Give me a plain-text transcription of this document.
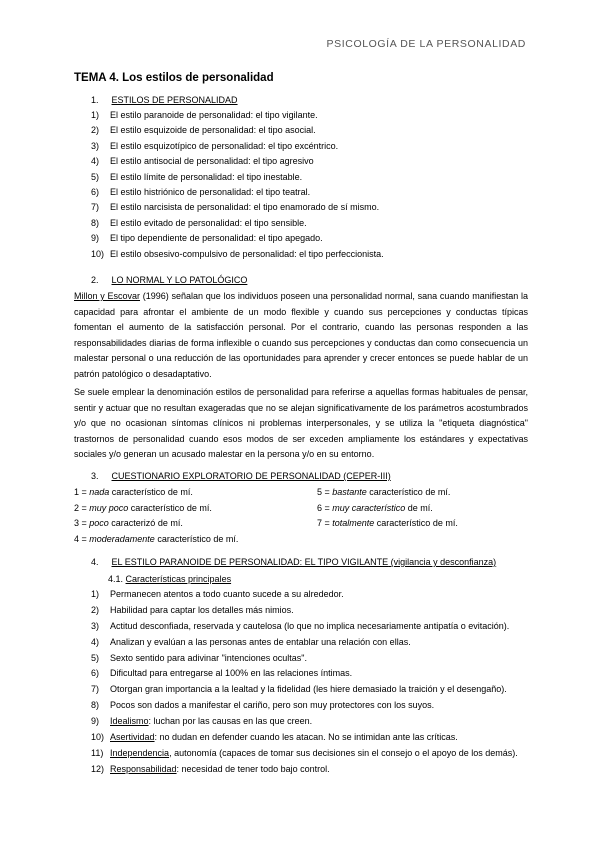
PSICOLOGÍA DE LA PERSONALIDAD
TEMA 4. Los estilos de personalidad
1. ESTILOS DE PERSONALIDAD
1) El estilo paranoide de personalidad: el tipo vigilante.
2) El estilo esquizoide de personalidad: el tipo asocial.
3) El estilo esquizotípico de personalidad: el tipo excéntrico.
4) El estilo antisocial de personalidad: el tipo agresivo
5) El estilo límite de personalidad: el tipo inestable.
6) El estilo histriónico de personalidad: el tipo teatral.
7) El estilo narcisista de personalidad: el tipo enamorado de sí mismo.
8) El estilo evitado de personalidad: el tipo sensible.
9) El tipo dependiente de personalidad: el tipo apegado.
10) El estilo obsesivo-compulsivo de personalidad: el tipo perfeccionista.
2. LO NORMAL Y LO PATOLÓGICO
Millon y Escovar (1996) señalan que los individuos poseen una personalidad normal, sana cuando manifiestan la capacidad para afrontar el ambiente de un modo flexible y cuando sus percepciones y conductas típicas fomentan el aumento de la satisfacción personal. Por el contrario, cuando las personas responden a las responsabilidades diarias de forma inflexible o cuando sus percepciones y conductas dan como consecuencia un malestar personal o una reducción de las oportunidades para aprender y crecer entonces se puede hablar de un patrón patológico o desadaptativo.
Se suele emplear la denominación estilos de personalidad para referirse a aquellas formas habituales de pensar, sentir y actuar que no resultan exageradas que no se alejan significativamente de los parámetros acostumbrados y/o que no ocasionan síntomas clínicos ni problemas interpersonales, y se utiliza la "etiqueta diagnóstica" trastornos de personalidad cuando esos modos de ser exceden ampliamente los estándares y expectativas sociales y/o generan un acusado malestar en la persona y/o en su entorno.
3. CUESTIONARIO EXPLORATORIO DE PERSONALIDAD (CEPER-III)
1 = nada característico de mí.	5 = bastante característico de mí.
2 = muy poco característico de mí.	6 = muy característico de mí.
3 = poco caracterizó de mí.	7 = totalmente característico de mí.
4 = moderadamente característico de mí.
4. EL ESTILO PARANOIDE DE PERSONALIDAD: EL TIPO VIGILANTE (vigilancia y desconfianza)
4.1. Características principales
1) Permanecen atentos a todo cuanto sucede a su alrededor.
2) Habilidad para captar los detalles más nimios.
3) Actitud desconfiada, reservada y cautelosa (lo que no implica necesariamente antipatía o evitación).
4) Analizan y evalúan a las personas antes de entablar una relación con ellas.
5) Sexto sentido para adivinar "intenciones ocultas".
6) Dificultad para entregarse al 100% en las relaciones íntimas.
7) Otorgan gran importancia a la lealtad y la fidelidad (les hiere demasiado la traición y el desengaño).
8) Pocos son dados a manifestar el cariño, pero son muy protectores con los suyos.
9) Idealismo: luchan por las causas en las que creen.
10) Asertividad: no dudan en defender cuando les atacan. No se intimidan ante las críticas.
11) Independencia, autonomía (capaces de tomar sus decisiones sin el consejo o el apoyo de los demás).
12) Responsabilidad: necesidad de tener todo bajo control.
